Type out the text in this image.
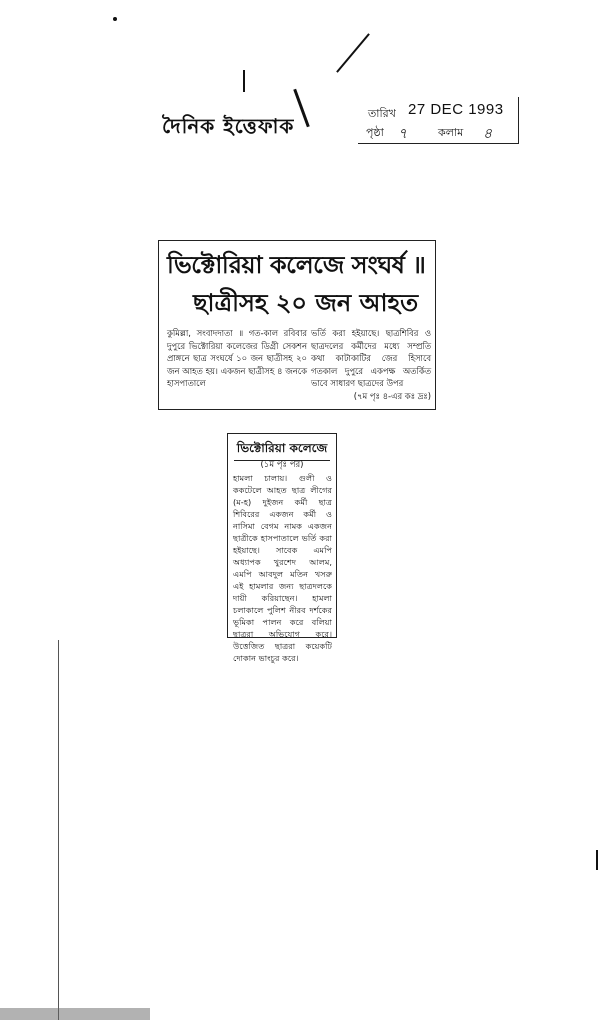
দৈনিক ইত্তেফাক	তারিখ 27 DEC 1993
পৃষ্ঠা ৭	কলাম ৪
ভিক্টোরিয়া কলেজে সংঘর্ষ ॥
ছাত্রীসহ ২০ জন আহত
কুমিল্লা, সংবাদদাতা ॥ গত-কাল রবিবার দুপুরে ভিক্টোরিয়া কলেজের ডিগ্রী সেকশন প্রাঙ্গনে ছাত্র সংঘর্ষে ১০ জন ছাত্রীসহ ২০ জন আহত হয়। একজন ছাত্রীসহ ৪ জনকে হাসপাতালে
ভর্তি করা হইয়াছে। ছাত্রশিবির ও ছাত্রদলের কর্মীদের মধ্যে সম্প্রতি কথা কাটাকাটির জের হিসাবে গতকাল দুপুরে একপক্ষ অতর্কিত ভাবে সাধারণ ছাত্রদের উপর
(৭ম পৃঃ ৪-এর কঃ দ্রঃ)
ভিক্টোরিয়া কলেজে
(১ম পৃঃ পর)
হামলা চালায়। গুলী ও ককটেলে আহত ছাত্র লীগের (ম-হ) দুইজন কর্মী ছাত্র শিবিরের একজন কর্মী ও নাসিমা বেগম নামক একজন ছাত্রীকে হাসপাতালে ভর্তি করা হইয়াছে। সাবেক এমপি অধ্যাপক খুরশেদ আলম, এমপি আবদুল মতিন খসরু এই হামলার জন্য ছাত্রদলকে দায়ী করিয়াছেন। হামলা চলাকালে পুলিশ নীরব দর্শকের ভূমিকা পালন করে বলিয়া ছাত্ররা অভিযোগ করে। উত্তেজিত ছাত্ররা কয়েকটি দোকান ভাংচুর করে।
